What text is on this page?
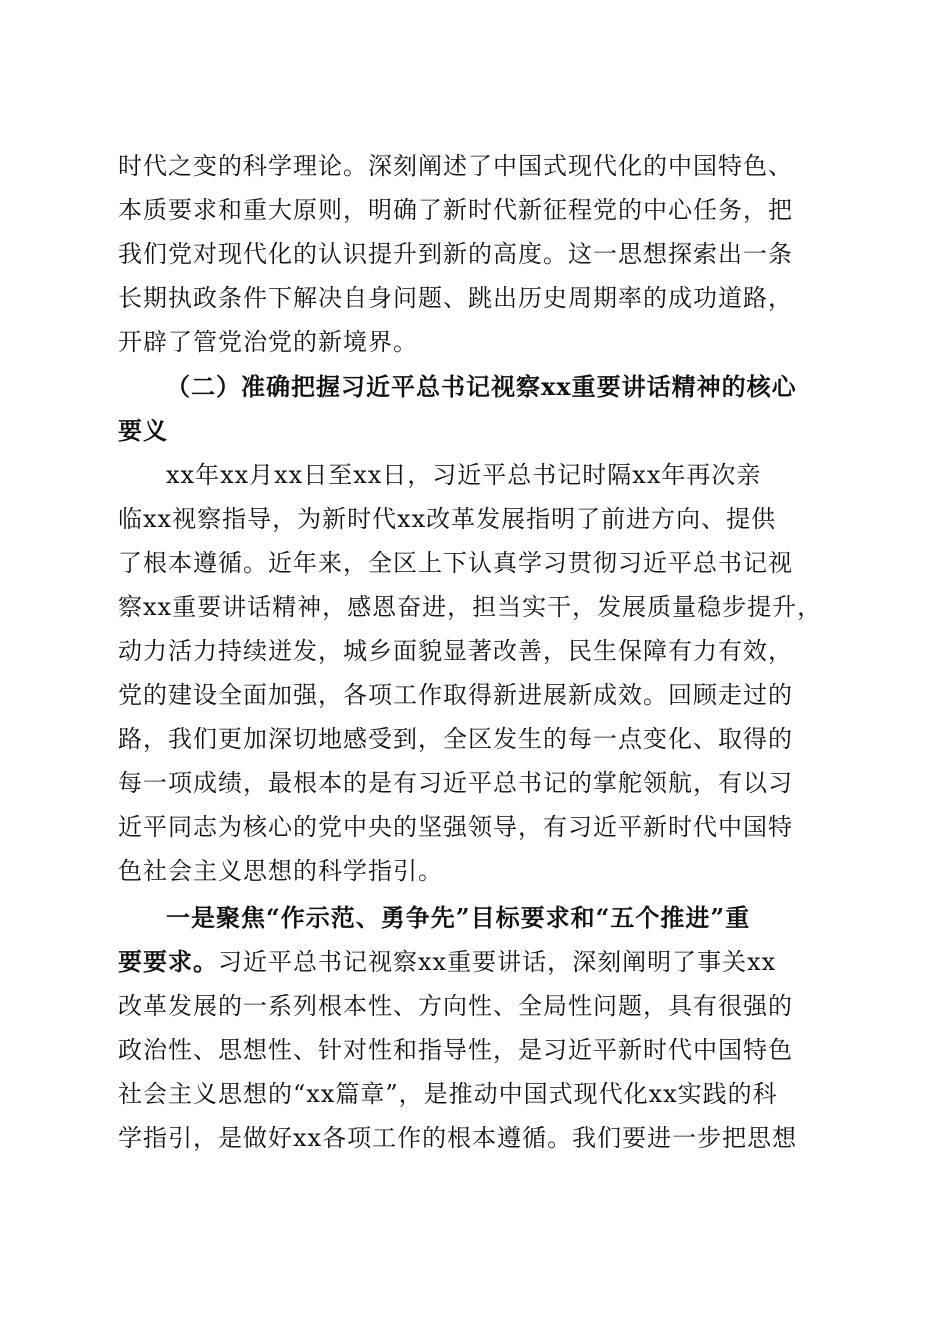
时代之变的科学理论。深刻阐述了中国式现代化的中国特色、
本质要求和重大原则，明确了新时代新征程党的中心任务，把
我们党对现代化的认识提升到新的高度。这一思想探索出一条
长期执政条件下解决自身问题、跳出历史周期率的成功道路，
开辟了管党治党的新境界。
（二）准确把握习近平总书记视察xx重要讲话精神的核心
要义
xx年xx月xx日至xx日，习近平总书记时隔xx年再次亲
临xx视察指导，为新时代xx改革发展指明了前进方向、提供
了根本遵循。近年来，全区上下认真学习贯彻习近平总书记视
察xx重要讲话精神，感恩奋进，担当实干，发展质量稳步提升，
动力活力持续迸发，城乡面貌显著改善，民生保障有力有效，
党的建设全面加强，各项工作取得新进展新成效。回顾走过的
路，我们更加深切地感受到，全区发生的每一点变化、取得的
每一项成绩，最根本的是有习近平总书记的掌舵领航，有以习
近平同志为核心的党中央的坚强领导，有习近平新时代中国特
色社会主义思想的科学指引。
一是聚焦“作示范、勇争先”目标要求和“五个推进”重
要要求。习近平总书记视察xx重要讲话，深刻阐明了事关xx
改革发展的一系列根本性、方向性、全局性问题，具有很强的
政治性、思想性、针对性和指导性，是习近平新时代中国特色
社会主义思想的“xx篇章”，是推动中国式现代化xx实践的科
学指引，是做好xx各项工作的根本遵循。我们要进一步把思想
